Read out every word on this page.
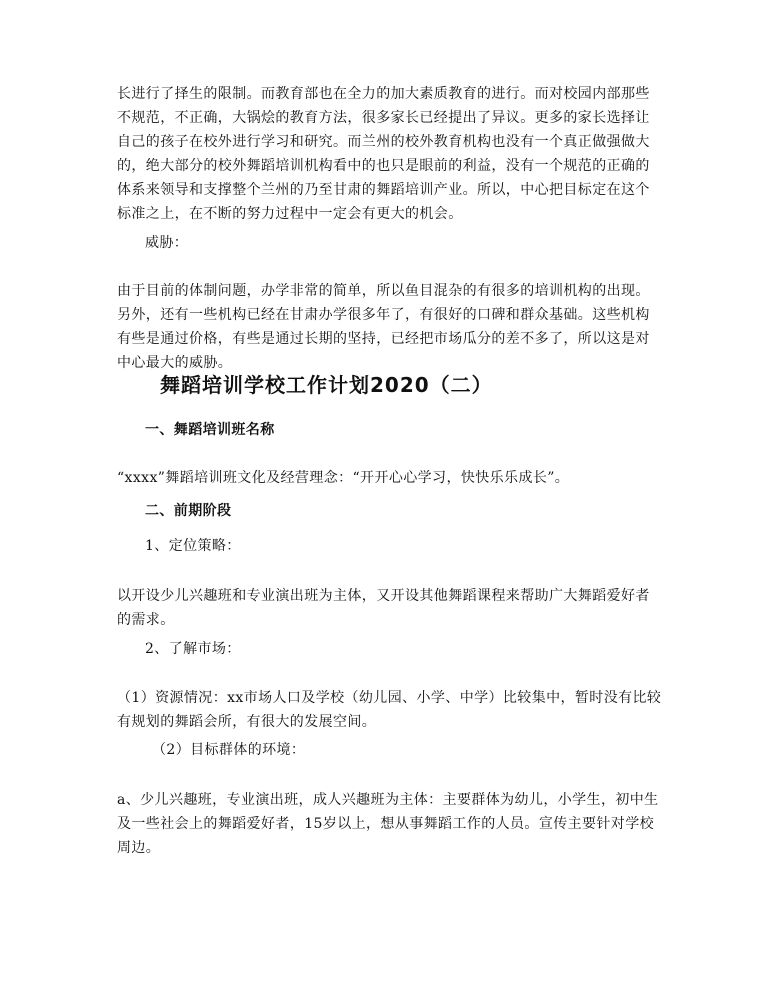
长进行了择生的限制。而教育部也在全力的加大素质教育的进行。而对校园内部那些不规范，不正确，大锅烩的教育方法，很多家长已经提出了异议。更多的家长选择让自己的孩子在校外进行学习和研究。而兰州的校外教育机构也没有一个真正做强做大的，绝大部分的校外舞蹈培训机构看中的也只是眼前的利益，没有一个规范的正确的体系来领导和支撑整个兰州的乃至甘肃的舞蹈培训产业。所以，中心把目标定在这个标准之上，在不断的努力过程中一定会有更大的机会。
威胁：
由于目前的体制问题，办学非常的简单，所以鱼目混杂的有很多的培训机构的出现。另外，还有一些机构已经在甘肃办学很多年了，有很好的口碑和群众基础。这些机构有些是通过价格，有些是通过长期的坚持，已经把市场瓜分的差不多了，所以这是对中心最大的威胁。
舞蹈培训学校工作计划2020（二）
一、舞蹈培训班名称
“xxxx”舞蹈培训班文化及经营理念：“开开心心学习，快快乐乐成长”。
二、前期阶段
1、定位策略：
以开设少儿兴趣班和专业演出班为主体，又开设其他舞蹈课程来帮助广大舞蹈爱好者的需求。
2、了解市场：
（1）资源情况：xx市场人口及学校（幼儿园、小学、中学）比较集中，暂时没有比较有规划的舞蹈会所，有很大的发展空间。
（2）目标群体的环境：
a、少儿兴趣班，专业演出班，成人兴趣班为主体：主要群体为幼儿，小学生，初中生及一些社会上的舞蹈爱好者，15岁以上，想从事舞蹈工作的人员。宣传主要针对学校周边。
